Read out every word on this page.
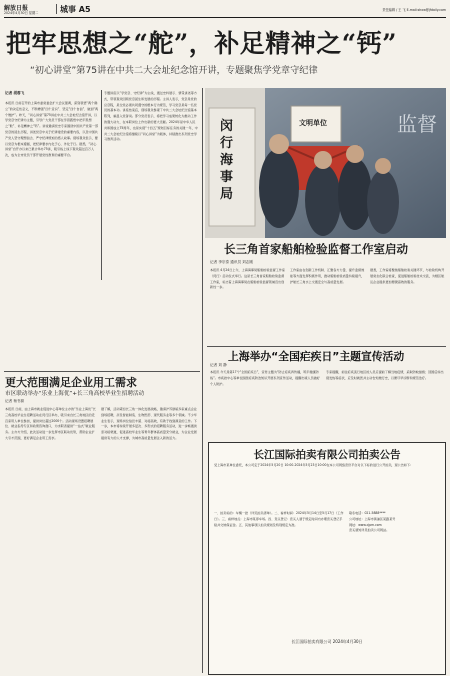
解放日报
2024年4月30日 星期二	城事 A5	责任编辑 / 王 飞 E-mail:shxw@jfdaily.com
把牢思想之“舵”，补足精神之“钙”
“初心讲堂”第75讲在中共二大会址纪念馆开讲，专题聚焦学党章守纪律
记者 胡蓉飞
本报讯 日前召开的上海市委常委会扩大会议强调，深刻领悟“两个确立”的决定性意义，不断增强“四个意识”、坚定“四个自信”、做到“两个维护”。昨天，“初心讲堂”第75讲在中共二大会址纪念馆开讲，以学党章守纪律为主题，引导广大党员干部在学思践悟中把牢思想之“舵”、补足精神之“钙”。讲堂邀请党史专家围绕中国共产党第一部党章的诞生历程，讲述党章中关于纪律建设的重要内容，以及中国共产党人坚守理想信念、严守纪律规矩的感人故事。现场观众表示，要以党章为根本遵循，把纪律要求内化于心、外化于行。据悉，“初心讲堂”自开办以来已累计举办75讲，吸引线上线下观众超过百万人次，成为全市党员干部开展党性教育的重要平台。
专题讲座以“学党章、守纪律”为主线，通过史料展示、情景讲述等方式，带领观众回顾党章诞生和发展的历程。主讲人表示，党章是党的总章程，是全党必须共同遵守的根本行为规范，学习党章是每一名党员的基本功。讲座结束后，现场观众参观了中共二大会址纪念馆基本陈列，重温入党誓词。部分党员表示，将把学习成果转化为推动工作的强大动力，在本职岗位上作出新的更大贡献。2024年是中华人民共和国成立75周年，也是实现“十四五”规划目标任务的关键一年，中共二大会址纪念馆将继续以“初心讲堂”为载体，持续推出系列党史学习教育活动。
闵行海事局
文明单位	监督
长三角首家船舶检验监督工作室启动
记者 李宗泰 通讯员 刘志刚
本报讯 4月24日上午，上海海事局船舶检验监督工作室（闵行）启动仪式举行。这是长三角首家船舶检验监督工作室，标志着上海海事局在船舶检验监督领域迈出创新性一步。
工作室由在创新工作机制、汇聚各方力量、提升监督效能等方面发挥积极作用，推动船舶检验质量持续提升，护航长三角水上交通安全与高质量发展。
据悉，工作室将聚焦船舶检验关键环节，与检验机构开展常态化联合检查，促进船舶检验技术交流，为辖区航运企业提供更加便捷高效的服务。
更大范围满足企业用工需求
市区联动举办“乐业上海优”+长三角高校毕业生招聘活动
记者 杨书源
本报讯 日前，由上海市就业促进中心等单位主办的“乐业上海优”长三角高校毕业生招聘活动在闵行区举办，吸引来自长三角地区的近百家用人单位参加，提供岗位超过2000个。活动现场设置招聘展位、就业指导专区和政策咨询窗口，为求职者提供“一站式”就业服务。主办方介绍，此次活动进一步发挥市区联动优势，帮助企业扩大引才范围，更好满足企业用工需求。
据了解，活动紧扣长三角一体化发展战略，邀请沪苏浙皖多家重点企业到场招聘，涉及智能制造、生物医药、现代服务业等多个领域。不少毕业生表示，现场岗位信息丰富、对接高效，有助于找到满意的工作。下一步，本市将持续开展多层次、多形式的招聘服务活动，进一步畅通供需对接渠道，促进高校毕业生等青年群体高质量充分就业，为企业发展提供有力的人才支撑，为城市高质量发展注入新的活力。
上海举办“全国疟疾日”主题宣传活动
记者 刘 静
本报讯 今天是第17个“全国疟疾日”，宣传主题为“防止疟疾再传播，筑牢健康防线”。市疾控中心等单位围绕疟疾防治知识开展系列宣传活动，提醒出境人员做好个人防护。
专家提醒，前往疟疾流行地区的人员应提前了解当地疫情，采取防蚊措施；回国后如出现发热等症状，应及时就医并主动告知旅行史，以便尽早诊断和规范治疗。
长江国际拍卖有限公司拍卖公告
受上海市某单位委托，本公司定于2024年5月20日 10:00-2024年5月23日10:00在本公司网络竞价平台对以下标的进行公开拍卖，现公告如下：
一、拍卖标的：车辆一批（详见拍卖清单）。二、看样时间：2024年5月14日至5月17日（工作日）。三、看样地点：上海市某停车场。四、竞买登记：竞买人须于规定时间内办理竞买登记手续并交纳保证金。五、其他事项以拍卖规则及特别规定为准。
联系电话：021-5888****
公司地址：上海市黄浦区某路某号
网址：www.cjpm.com
竞买须知详见拍卖公司网站。
长江国际拍卖有限公司 2024年4月30日
